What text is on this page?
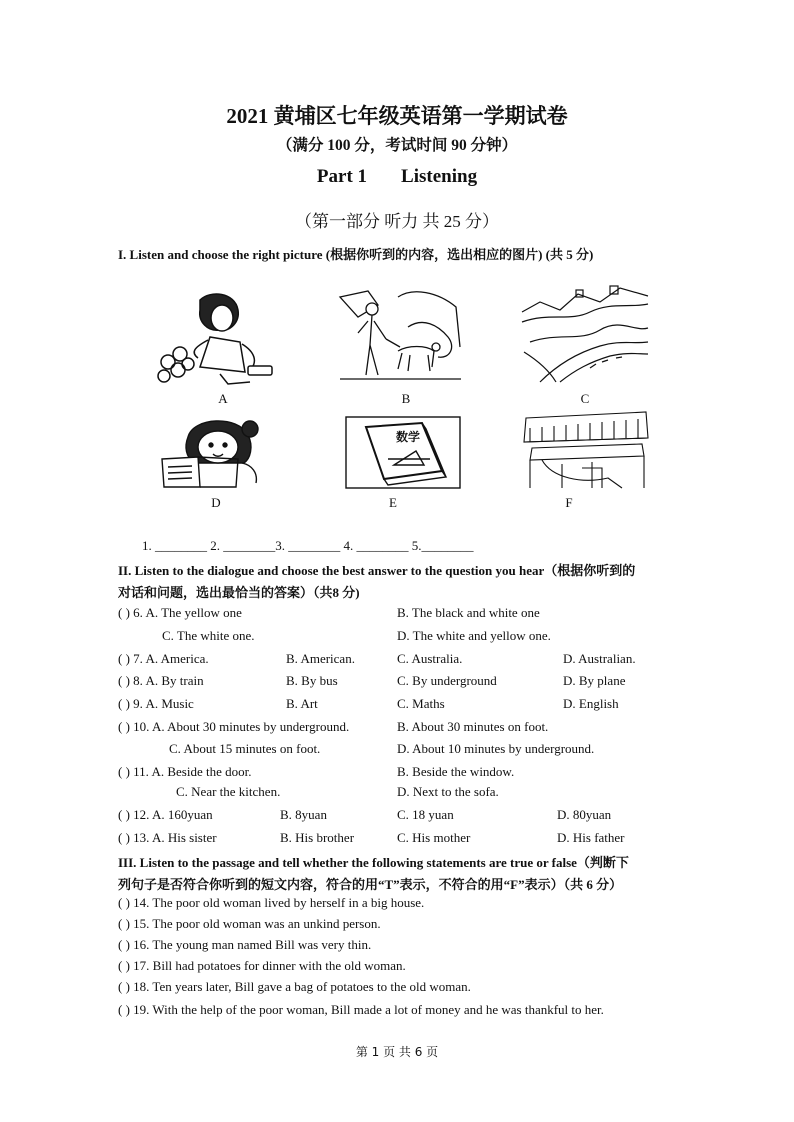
2021 黄埔区七年级英语第一学期试卷
（满分 100 分，考试时间 90 分钟）
Part 1 Listening
（第一部分 听力 共 25 分）
I. Listen and choose the right picture (根据你听到的内容，选出相应的图片) (共 5 分)
A	B	C
D
数学
E	F
1. ________ 2. ________3. ________ 4. ________ 5.________
II. Listen to the dialogue and choose the best answer to the question you hear（根据你听到的
对话和问题，选出最恰当的答案）（共8 分)
( ) 6. A. The yellow one	B. The black and white one
C. The white one.	D. The white and yellow one.
( ) 7. A. America.	B. American.	C. Australia.	D. Australian.
( ) 8. A. By train	B. By bus	C. By underground	D. By plane
( ) 9. A. Music	B. Art	C. Maths	D. English
( ) 10. A. About 30 minutes by underground.	B. About 30 minutes on foot.
C. About 15 minutes on foot.	D. About 10 minutes by underground.
( ) 11. A. Beside the door.	B. Beside the window.
C. Near the kitchen.	D. Next to the sofa.
( ) 12. A. 160yuan	B. 8yuan	C. 18 yuan	D. 80yuan
( ) 13. A. His sister	B. His brother	C. His mother	D. His father
III. Listen to the passage and tell whether the following statements are true or false（判断下
列句子是否符合你听到的短文内容，符合的用“T”表示，不符合的用“F”表示）（共 6 分）
( ) 14. The poor old woman lived by herself in a big house.
( ) 15. The poor old woman was an unkind person.
( ) 16. The young man named Bill was very thin.
( ) 17. Bill had potatoes for dinner with the old woman.
( ) 18. Ten years later, Bill gave a bag of potatoes to the old woman.
( ) 19. With the help of the poor woman, Bill made a lot of money and he was thankful to her.
第 1 页 共 6 页
